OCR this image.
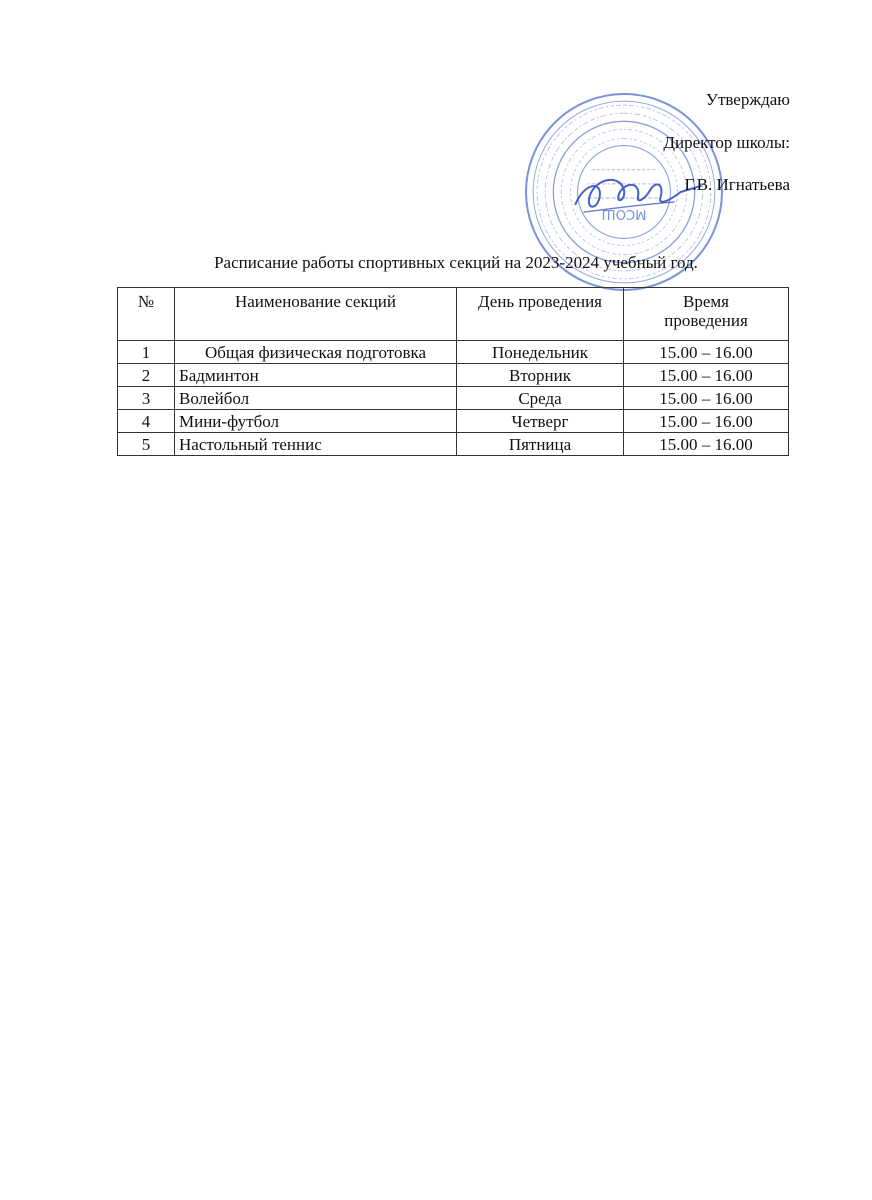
МСОШ
Утверждаю
Директор школы:
Г.В. Игнатьева
Расписание работы спортивных секций на 2023-2024 учебный год.
№	Наименование секций	День проведения	Время
проведения
1	Общая физическая подготовка	Понедельник	15.00 – 16.00
2	Бадминтон	Вторник	15.00 – 16.00
3	Волейбол	Среда	15.00 – 16.00
4	Мини-футбол	Четверг	15.00 – 16.00
5	Настольный теннис	Пятница	15.00 – 16.00
